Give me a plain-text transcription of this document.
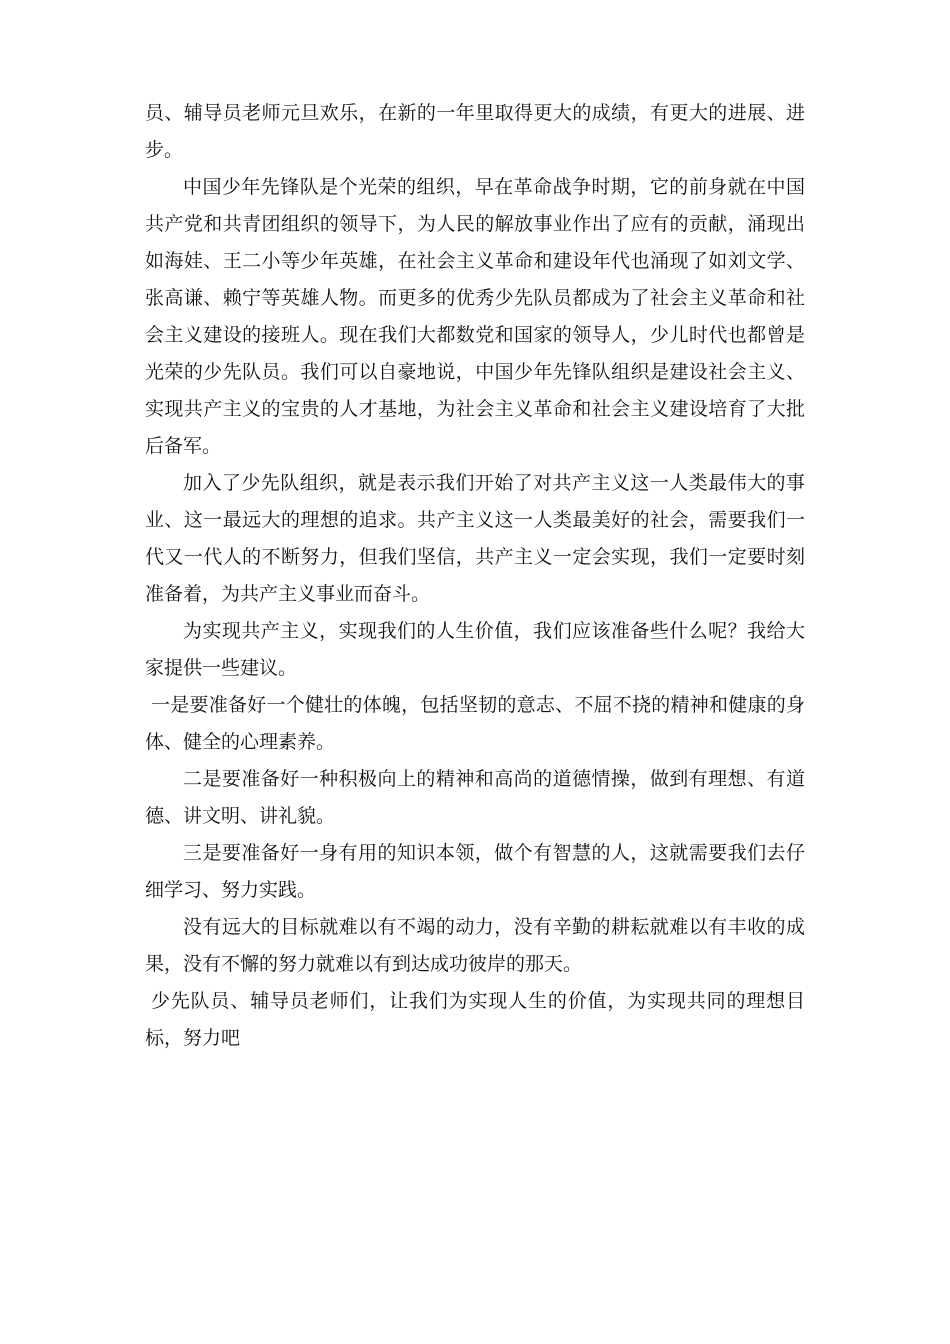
员、辅导员老师元旦欢乐，在新的一年里取得更大的成绩，有更大的进展、进步。

中国少年先锋队是个光荣的组织，早在革命战争时期，它的前身就在中国共产党和共青团组织的领导下，为人民的解放事业作出了应有的贡献，涌现出如海娃、王二小等少年英雄，在社会主义革命和建设年代也涌现了如刘文学、张高谦、赖宁等英雄人物。而更多的优秀少先队员都成为了社会主义革命和社会主义建设的接班人。现在我们大都数党和国家的领导人，少儿时代也都曾是光荣的少先队员。我们可以自豪地说，中国少年先锋队组织是建设社会主义、实现共产主义的宝贵的人才基地，为社会主义革命和社会主义建设培育了大批后备军。

加入了少先队组织，就是表示我们开始了对共产主义这一人类最伟大的事业、这一最远大的理想的追求。共产主义这一人类最美好的社会，需要我们一代又一代人的不断努力，但我们坚信，共产主义一定会实现，我们一定要时刻准备着，为共产主义事业而奋斗。

为实现共产主义，实现我们的人生价值，我们应该准备些什么呢？我给大家提供一些建议。

一是要准备好一个健壮的体魄，包括坚韧的意志、不屈不挠的精神和健康的身体、健全的心理素养。

二是要准备好一种积极向上的精神和高尚的道德情操，做到有理想、有道德、讲文明、讲礼貌。

三是要准备好一身有用的知识本领，做个有智慧的人，这就需要我们去仔细学习、努力实践。

没有远大的目标就难以有不竭的动力，没有辛勤的耕耘就难以有丰收的成果，没有不懈的努力就难以有到达成功彼岸的那天。

少先队员、辅导员老师们，让我们为实现人生的价值，为实现共同的理想目标，努力吧
